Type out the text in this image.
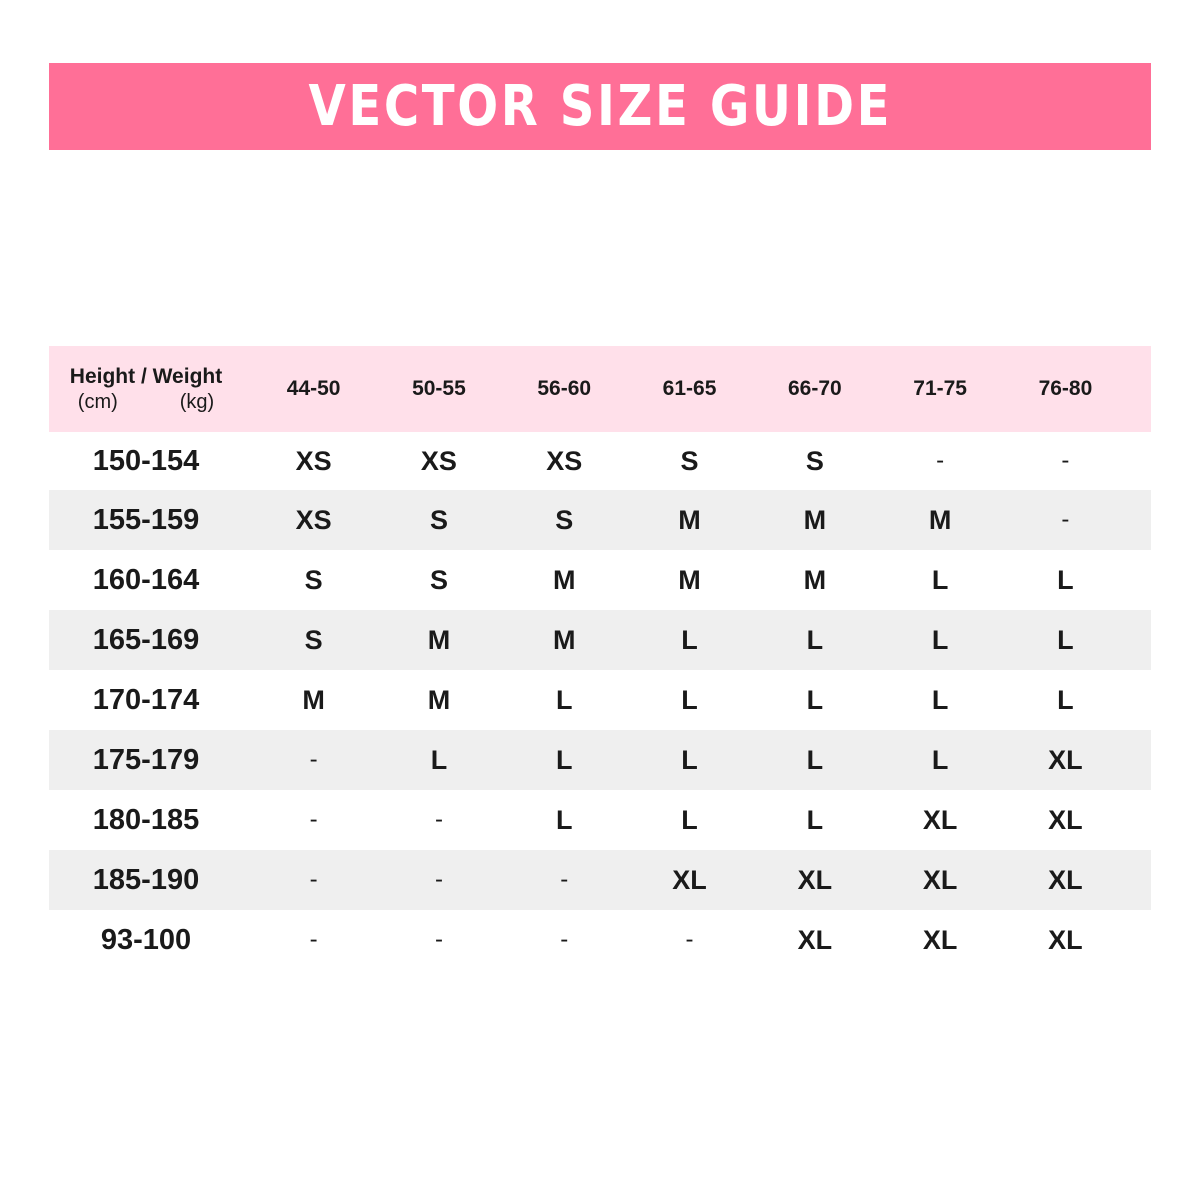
VECTOR SIZE GUIDE
Height / Weight
(cm)	(kg)
44-50	50-55	56-60	61-65	66-70	71-75	76-80
150-154	XS	XS	XS	S	S	-	-
155-159	XS	S	S	M	M	M	-
160-164	S	S	M	M	M	L	L
165-169	S	M	M	L	L	L	L
170-174	M	M	L	L	L	L	L
175-179	-	L	L	L	L	L	XL
180-185	-	-	L	L	L	XL	XL
185-190	-	-	-	XL	XL	XL	XL
93-100	-	-	-	-	XL	XL	XL
